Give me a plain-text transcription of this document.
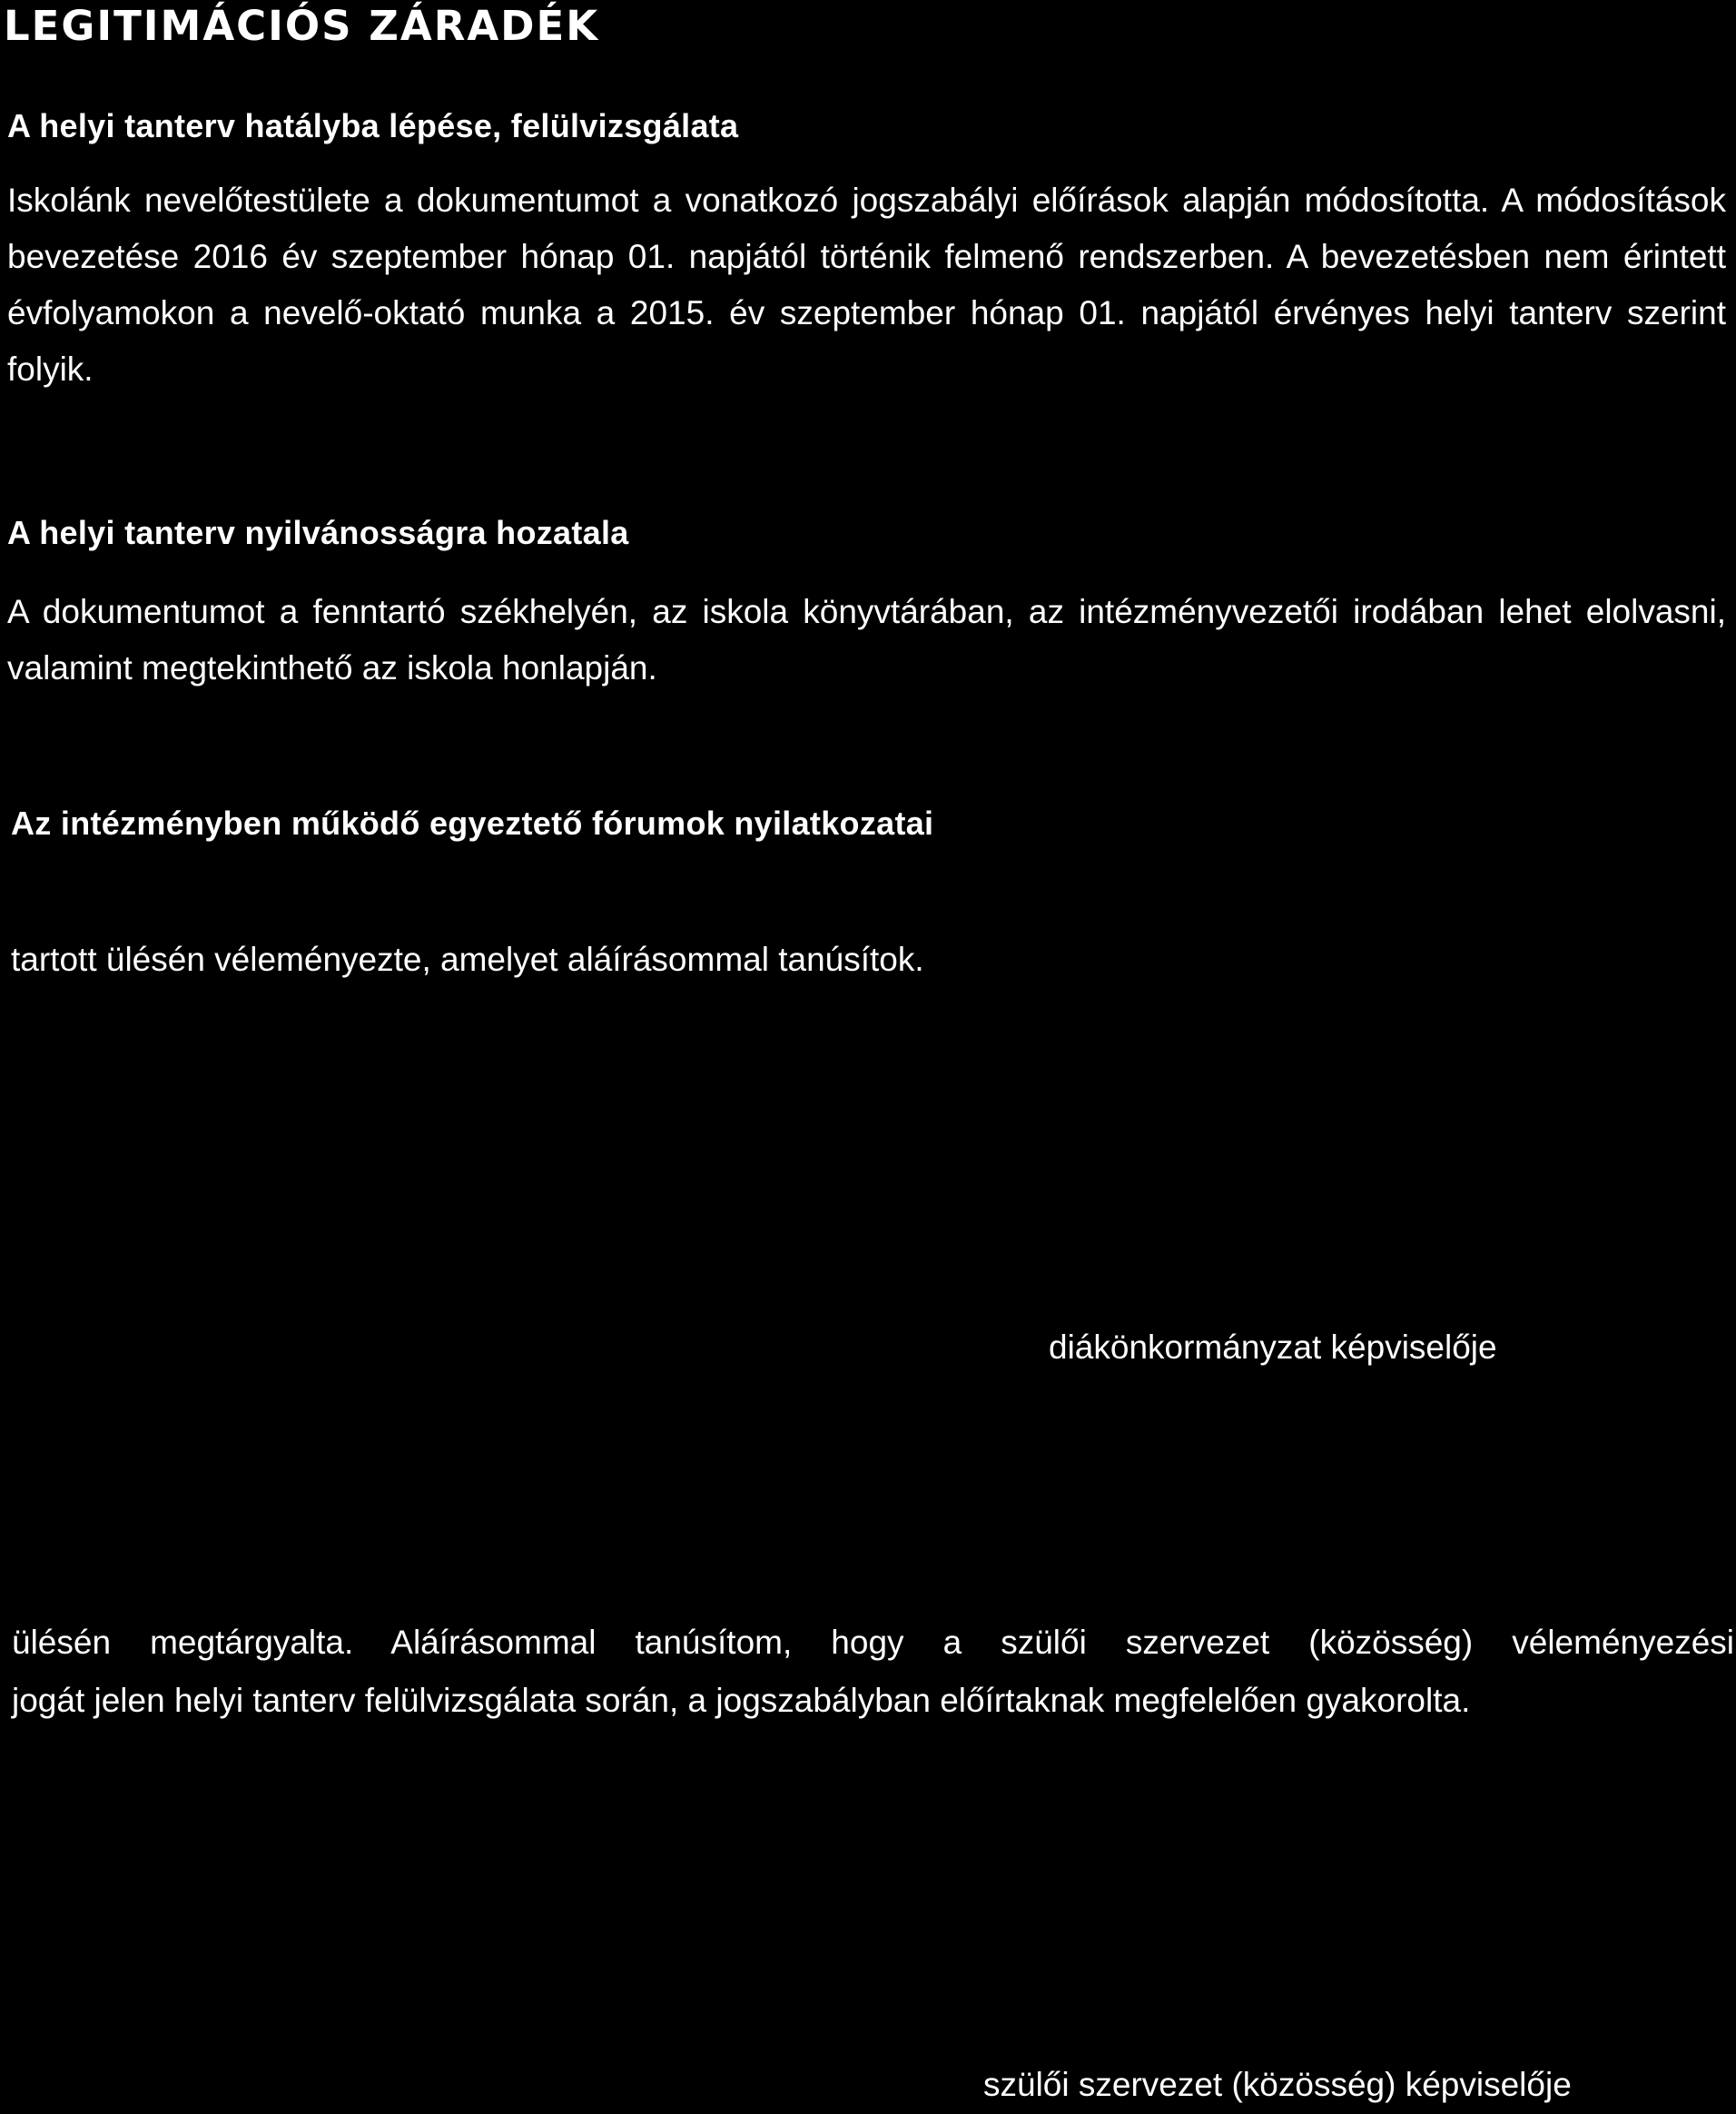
LEGITIMÁCIÓS ZÁRADÉK
A helyi tanterv hatályba lépése, felülvizsgálata
Iskolánk nevelőtestülete a dokumentumot a vonatkozó jogszabályi előírások alapján módosította. A módosítások bevezetése 2016 év szeptember hónap 01. napjától történik felmenő rendszerben. A bevezetésben nem érintett évfolyamokon a nevelő-oktató munka a 2015. év szeptember hónap 01. napjától érvényes helyi tanterv szerint folyik.
A helyi tanterv nyilvánosságra hozatala
A dokumentumot a fenntartó székhelyén, az iskola könyvtárában, az intézményvezetői irodában lehet elolvasni, valamint megtekinthető az iskola honlapján.
Az intézményben működő egyeztető fórumok nyilatkozatai
tartott ülésén véleményezte, amelyet aláírásommal tanúsítok.
diákönkormányzat képviselője
ülésén megtárgyalta. Aláírásommal tanúsítom, hogy a szülői szervezet (közösség) véleményezési
jogát jelen helyi tanterv felülvizsgálata során, a jogszabályban előírtaknak megfelelően gyakorolta.
szülői szervezet (közösség) képviselője
